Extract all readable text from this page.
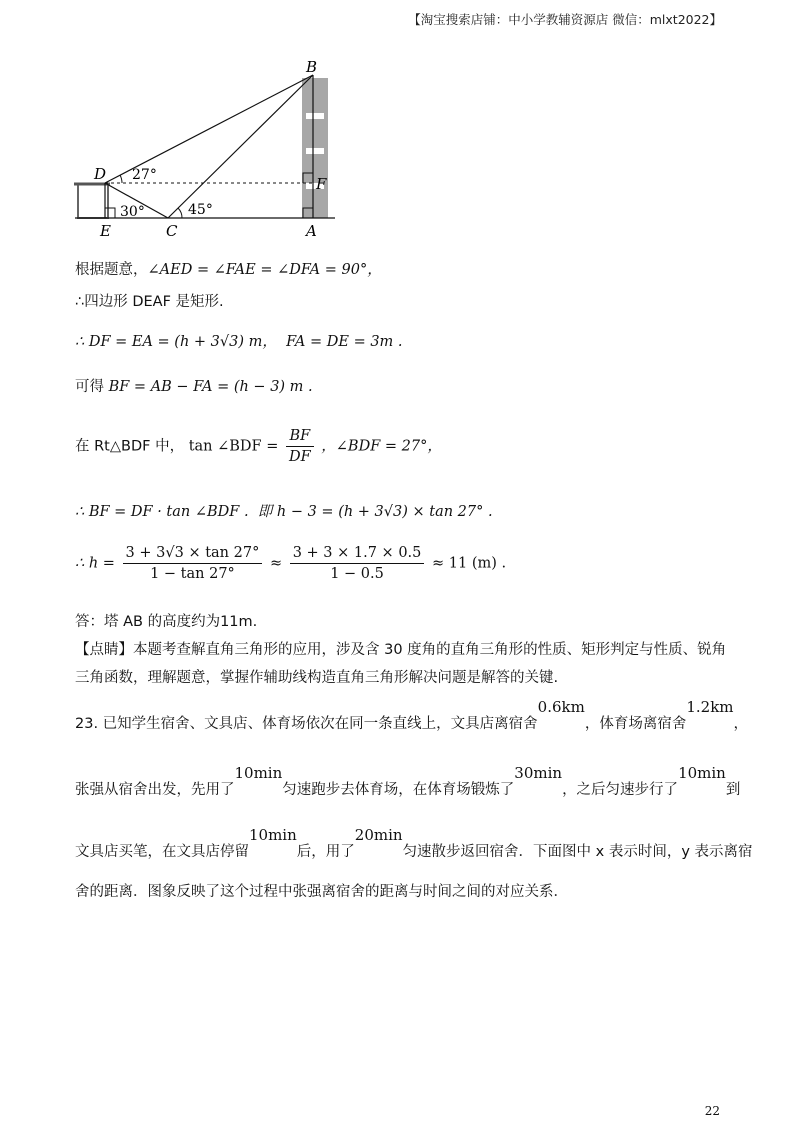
【淘宝搜索店铺：中小学教辅资源店 微信：mlxt2022】
B
D
E	C	A
F
27°
30°	45°
根据题意，∠AED = ∠FAE = ∠DFA = 90°，
∴四边形 DEAF 是矩形.
∴ DF = EA = (h + 3√3) m， FA = DE = 3m .
可得 BF = AB − FA = (h − 3) m .
在 Rt△BDF 中， tan ∠BDF = $\frac{BF}{DF}$ ，∠BDF = 27°，
∴ BF = DF · tan ∠BDF . 即 h − 3 = (h + 3√3) × tan 27° .
∴ $h = \frac{3 + 3√3 \times \tan 27^\circ}{1 - \tan 27^\circ} \approx \frac{3 + 3 \times 1.7 \times 0.5}{1 - 0.5} \approx 11$ (m) .
答：塔 AB 的高度约为11m.
【点睛】本题考查解直角三角形的应用，涉及含 30 度角的直角三角形的性质、矩形判定与性质、锐角三角函数，理解题意，掌握作辅助线构造直角三角形解决问题是解答的关键.
23. 已知学生宿舍、文具店、体育场依次在同一条直线上，文具店离宿舍0.6km，体育场离宿舍1.2km，
张强从宿舍出发，先用了10min匀速跑步去体育场，在体育场锻炼了30min，之后匀速步行了10min到
文具店买笔，在文具店停留10min后，用了20min匀速散步返回宿舍．下面图中 x 表示时间，y 表示离宿
舍的距离．图象反映了这个过程中张强离宿舍的距离与时间之间的对应关系．
22
